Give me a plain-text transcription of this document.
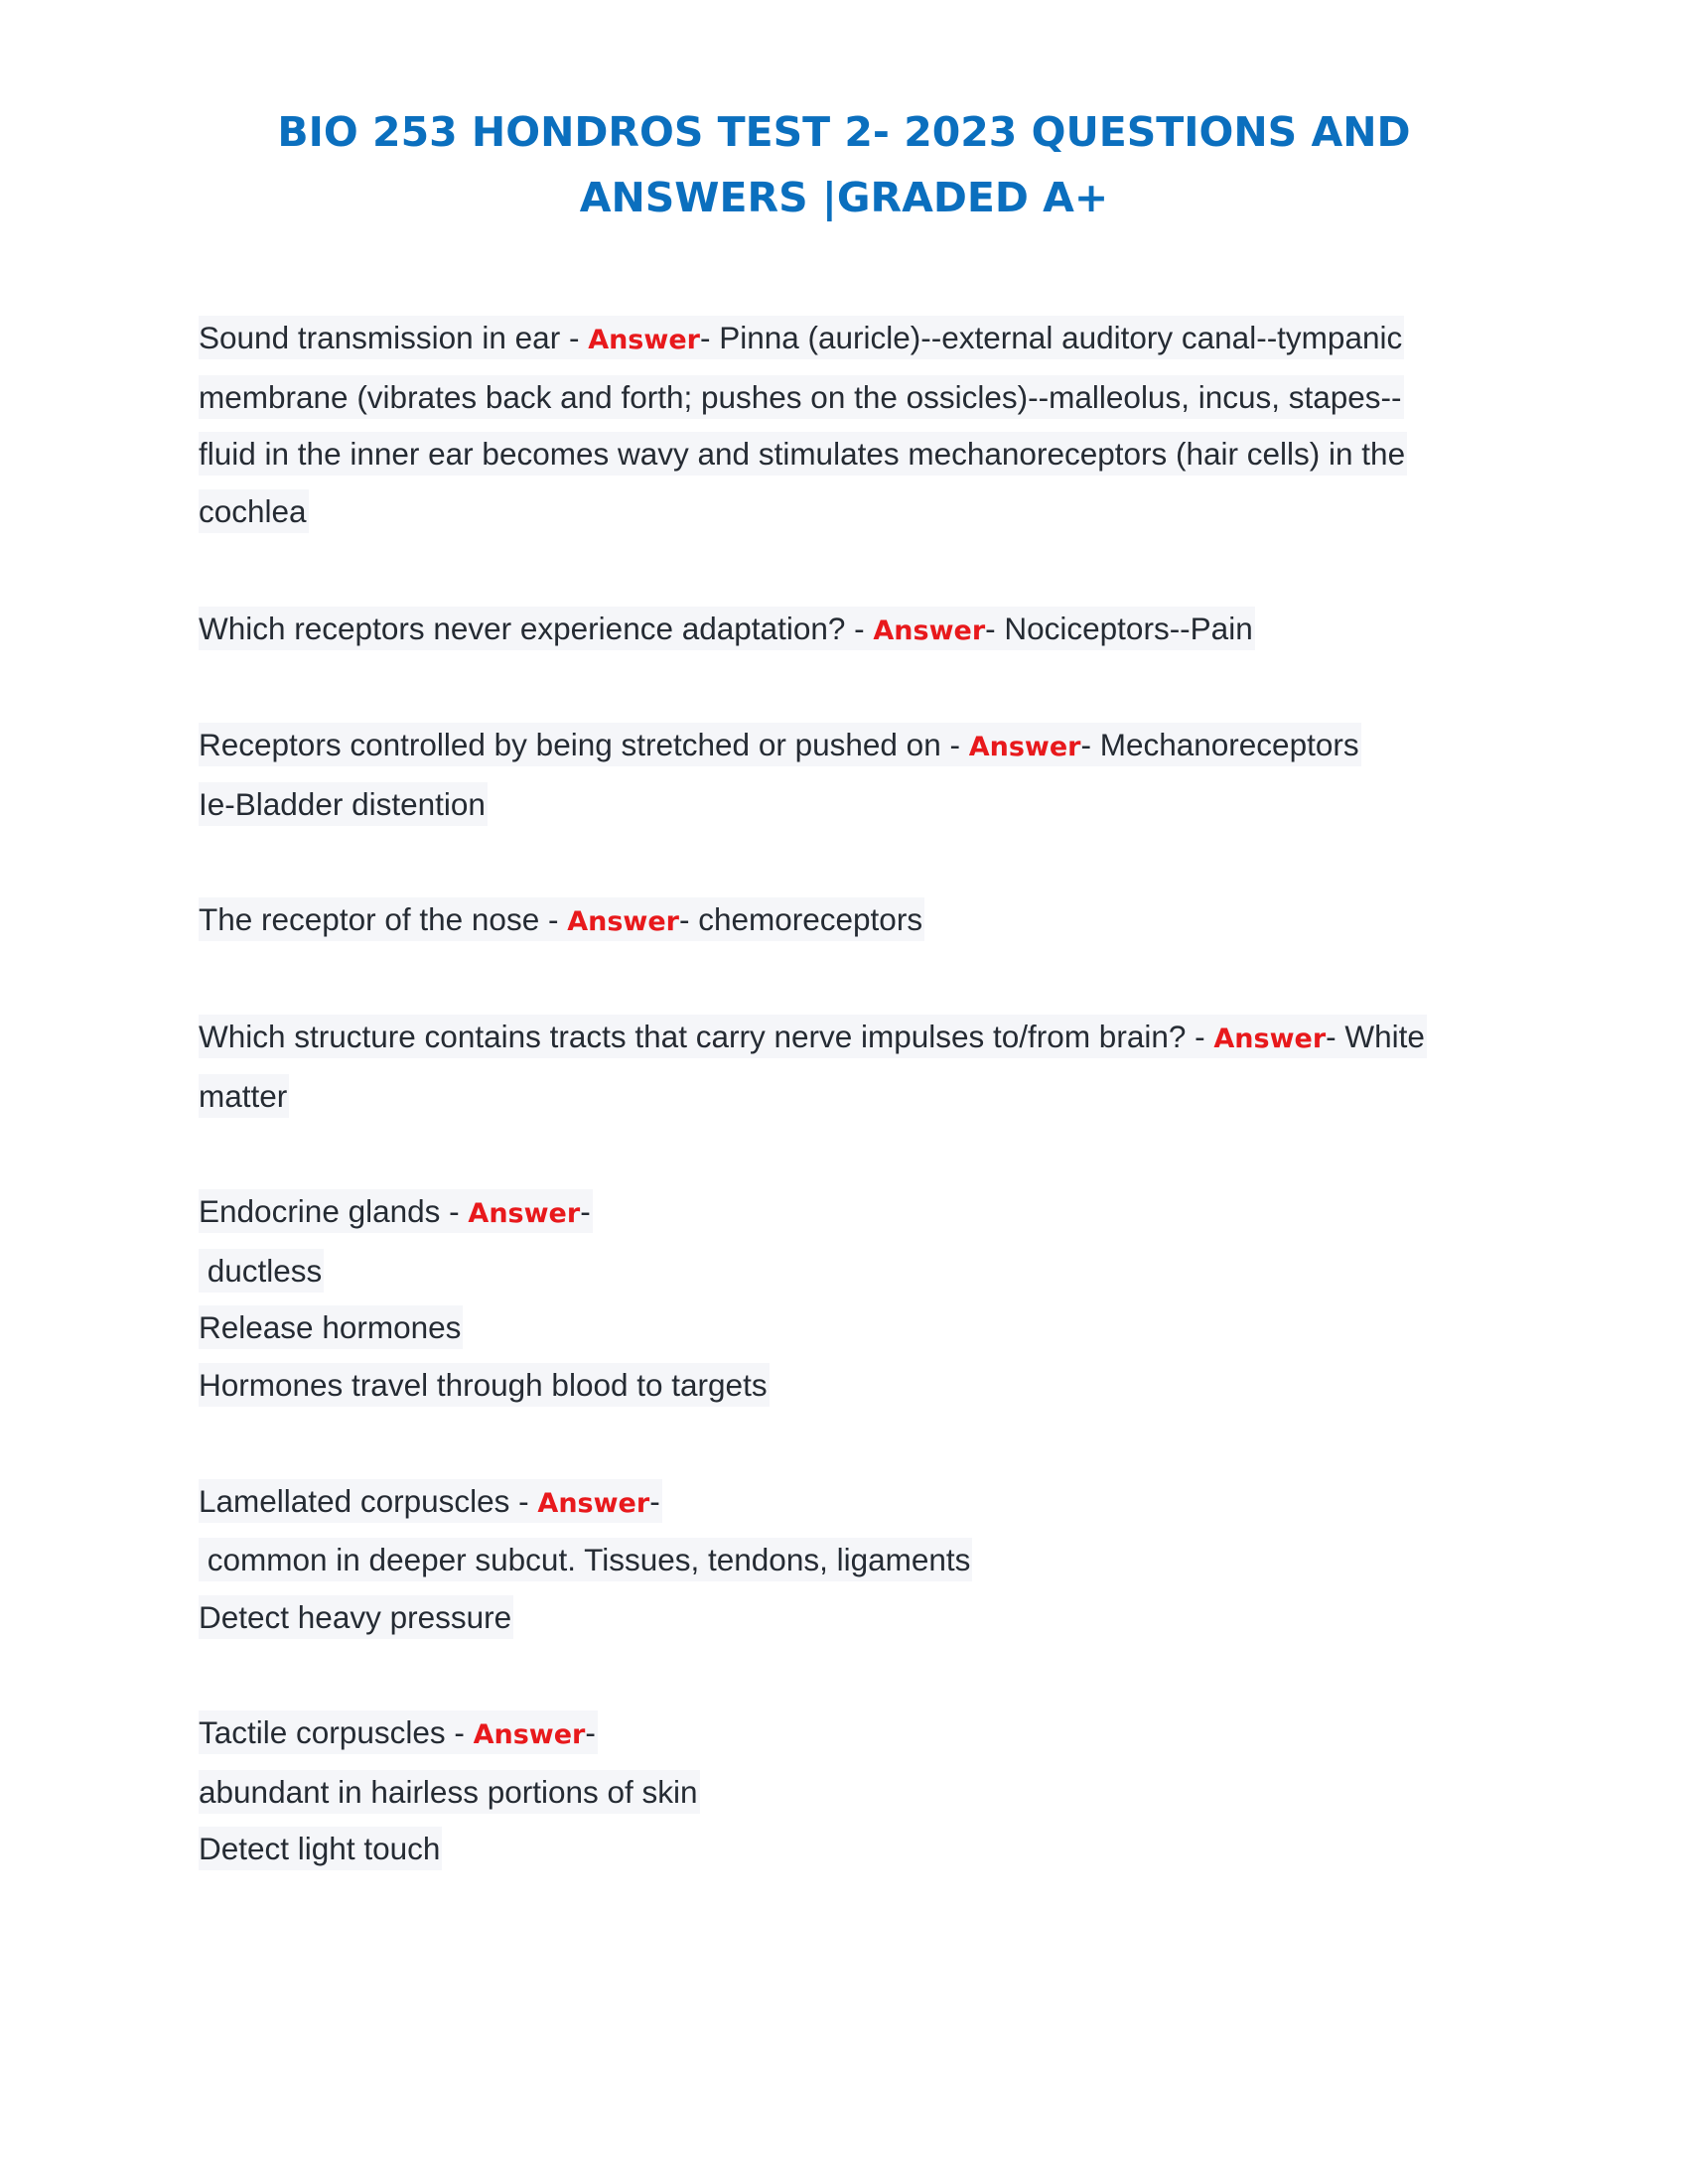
BIO 253 HONDROS TEST 2- 2023 QUESTIONS AND
ANSWERS |GRADED A+
Sound transmission in ear - Answer- Pinna (auricle)--external auditory canal--tympanic
membrane (vibrates back and forth; pushes on the ossicles)--malleolus, incus, stapes--
fluid in the inner ear becomes wavy and stimulates mechanoreceptors (hair cells) in the
cochlea
Which receptors never experience adaptation? - Answer- Nociceptors--Pain
Receptors controlled by being stretched or pushed on - Answer- Mechanoreceptors
Ie-Bladder distention
The receptor of the nose - Answer- chemoreceptors
Which structure contains tracts that carry nerve impulses to/from brain? - Answer- White
matter
Endocrine glands - Answer-
ductless
Release hormones
Hormones travel through blood to targets
Lamellated corpuscles - Answer-
common in deeper subcut. Tissues, tendons, ligaments
Detect heavy pressure
Tactile corpuscles - Answer-
abundant in hairless portions of skin
Detect light touch
